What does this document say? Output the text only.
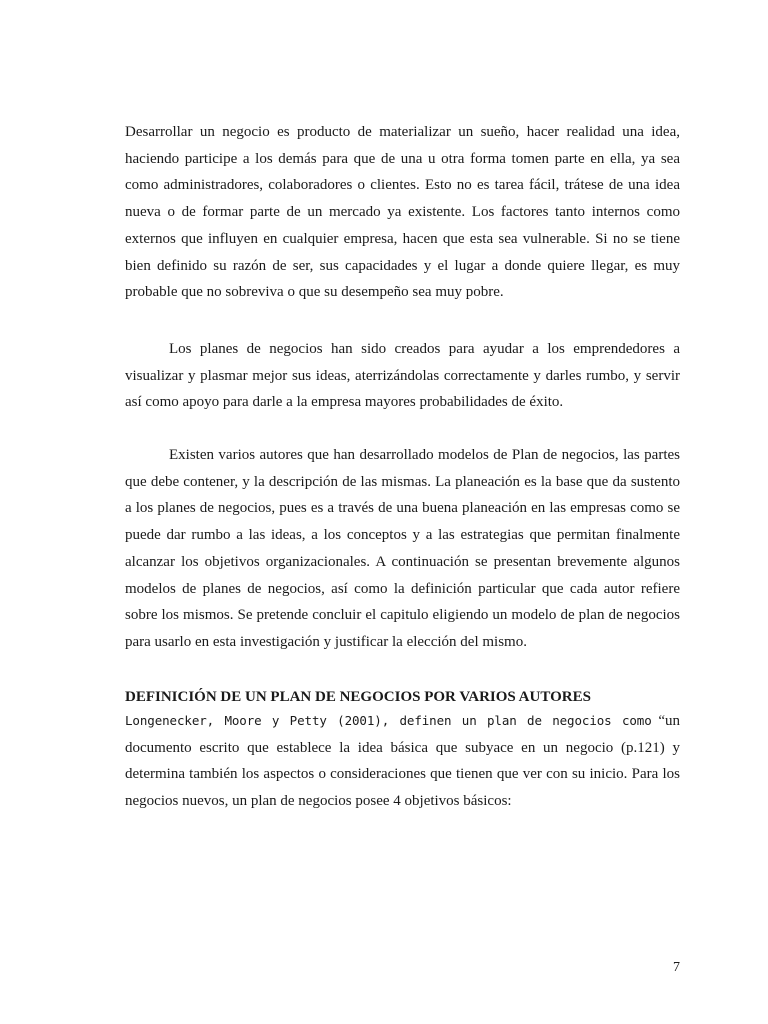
Desarrollar un negocio es producto de materializar un sueño, hacer realidad una idea, haciendo participe a los demás para que de una u otra forma tomen parte en ella, ya sea como administradores, colaboradores o clientes. Esto no es tarea fácil, trátese de una idea nueva o de formar parte de un mercado ya existente. Los factores tanto internos como externos que influyen en cualquier empresa, hacen que esta sea vulnerable. Si no se tiene bien definido su razón de ser, sus capacidades y el lugar a donde quiere llegar, es muy probable que no sobreviva o que su desempeño sea muy pobre.

Los planes de negocios han sido creados para ayudar a los emprendedores a visualizar y plasmar mejor sus ideas, aterrizándolas correctamente y darles rumbo, y servir así como apoyo para darle a la empresa mayores probabilidades de éxito.

Existen varios autores que han desarrollado modelos de Plan de negocios, las partes que debe contener, y la descripción de las mismas. La planeación es la base que da sustento a los planes de negocios, pues es a través de una buena planeación en las empresas como se puede dar rumbo a las ideas, a los conceptos y a las estrategias que permitan finalmente alcanzar los objetivos organizacionales. A continuación se presentan brevemente algunos modelos de planes de negocios, así como la definición particular que cada autor refiere sobre los mismos. Se pretende concluir el capitulo eligiendo un modelo de plan de negocios para usarlo en esta investigación y justificar la elección del mismo.

DEFINICIÓN DE UN PLAN DE NEGOCIOS POR VARIOS AUTORES

Longenecker, Moore y Petty (2001), definen un plan de negocios como “un documento escrito que establece la idea básica que subyace en un negocio (p.121) y determina también los aspectos o consideraciones que tienen que ver con su inicio. Para los negocios nuevos, un plan de negocios posee 4 objetivos básicos:

7
